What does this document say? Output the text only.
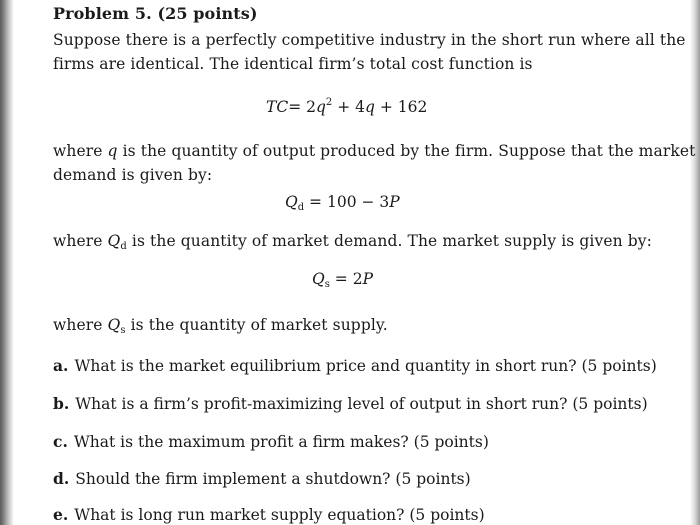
Problem 5. (25 points)
Suppose there is a perfectly competitive industry in the short run where all the
firms are identical. The identical firm’s total cost function is
$TC= 2q^2 + 4q + 162$
where q is the quantity of output produced by the firm. Suppose that the market
demand is given by:
$Q_d = 100 - 3P$
where $Q_d$ is the quantity of market demand. The market supply is given by:
$Q_s = 2P$
where $Q_s$ is the quantity of market supply.
a. What is the market equilibrium price and quantity in short run? (5 points)
b. What is a firm’s profit-maximizing level of output in short run? (5 points)
c. What is the maximum profit a firm makes? (5 points)
d. Should the firm implement a shutdown? (5 points)
e. What is long run market supply equation? (5 points)
